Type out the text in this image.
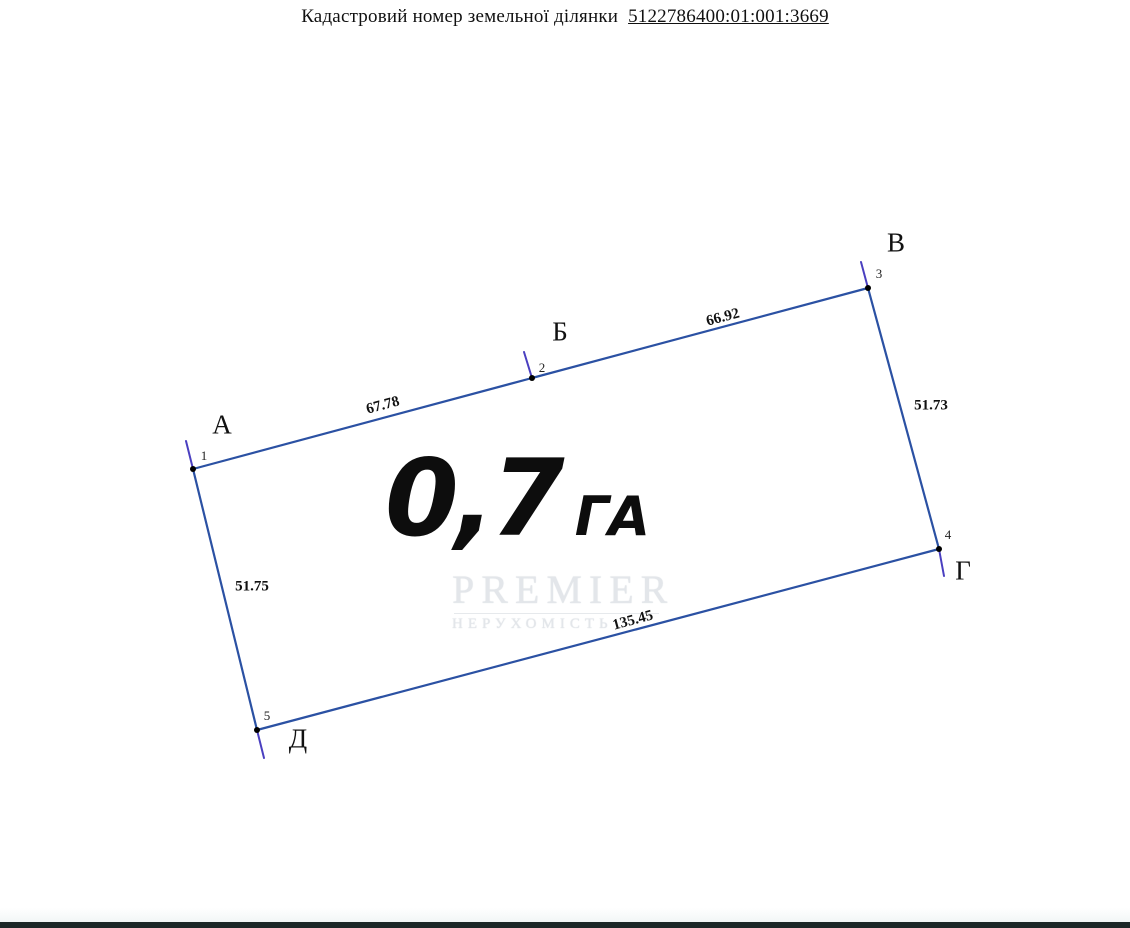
Кадастровий номер земельної ділянки 5122786400:01:001:3669
PREMIER
НЕРУХОМІСТЬ
А
1
Б
2
В
3
Г
4
Д
5
67.78
66.92
51.73
135.45
51.75
0,7 ГА
